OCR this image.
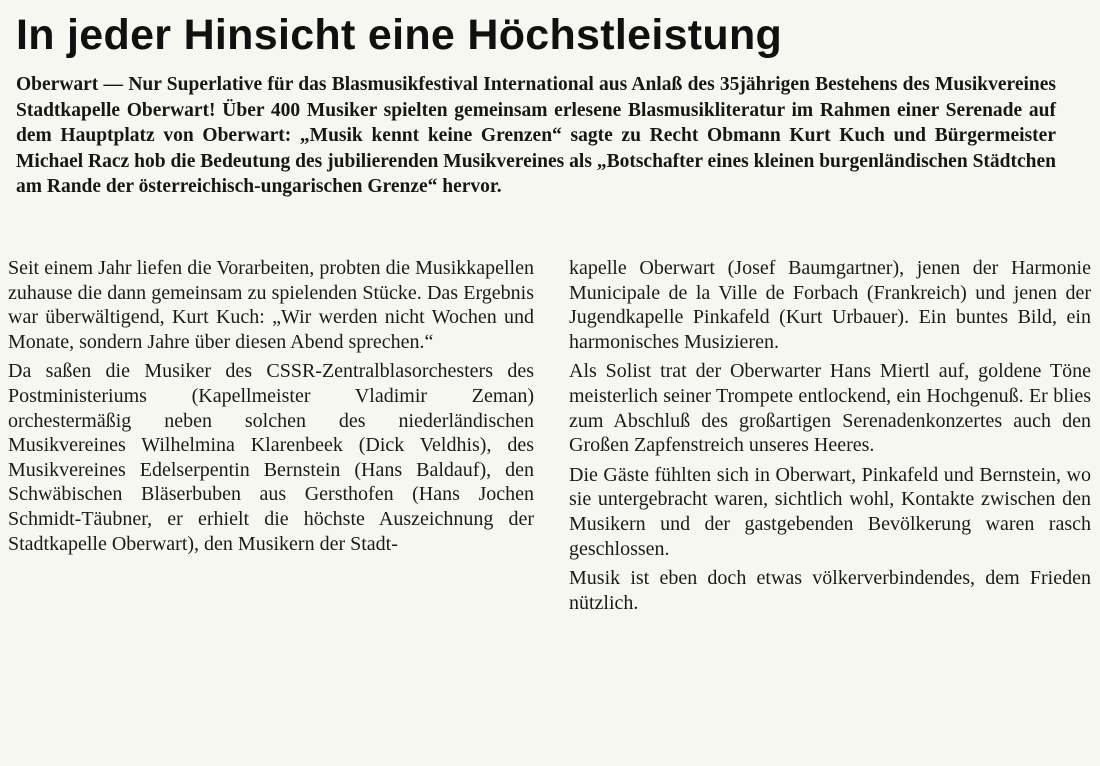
In jeder Hinsicht eine Höchstleistung

Oberwart — Nur Superlative für das Blasmusikfestival International aus Anlaß des 35jährigen Bestehens des Musikvereines Stadtkapelle Oberwart! Über 400 Musiker spielten gemeinsam erlesene Blasmusikliteratur im Rahmen einer Serenade auf dem Hauptplatz von Oberwart: „Musik kennt keine Grenzen“ sagte zu Recht Obmann Kurt Kuch und Bürgermeister Michael Racz hob die Bedeutung des jubilierenden Musikvereines als „Botschafter eines kleinen burgenländischen Städtchen am Rande der österreichisch-ungarischen Grenze“ hervor.

Seit einem Jahr liefen die Vorarbeiten, probten die Musikkapellen zuhause die dann gemeinsam zu spielenden Stücke. Das Ergebnis war überwältigend, Kurt Kuch: „Wir werden nicht Wochen und Monate, sondern Jahre über diesen Abend sprechen.“

Da saßen die Musiker des CSSR-Zentralblasorchesters des Postministeriums (Kapellmeister Vladimir Zeman) orchestermäßig neben solchen des niederländischen Musikvereines Wilhelmina Klarenbeek (Dick Veldhis), des Musikvereines Edelserpentin Bernstein (Hans Baldauf), den Schwäbischen Bläserbuben aus Gersthofen (Hans Jochen Schmidt-Täubner, er erhielt die höchste Auszeichnung der Stadtkapelle Oberwart), den Musikern der Stadt-

kapelle Oberwart (Josef Baumgartner), jenen der Harmonie Municipale de la Ville de Forbach (Frankreich) und jenen der Jugendkapelle Pinkafeld (Kurt Urbauer). Ein buntes Bild, ein harmonisches Musizieren.

Als Solist trat der Oberwarter Hans Miertl auf, goldene Töne meisterlich seiner Trompete entlockend, ein Hochgenuß. Er blies zum Abschluß des großartigen Serenadenkonzertes auch den Großen Zapfenstreich unseres Heeres.

Die Gäste fühlten sich in Oberwart, Pinkafeld und Bernstein, wo sie untergebracht waren, sichtlich wohl, Kontakte zwischen den Musikern und der gastgebenden Bevölkerung waren rasch geschlossen.

Musik ist eben doch etwas völkerverbindendes, dem Frieden nützlich.
